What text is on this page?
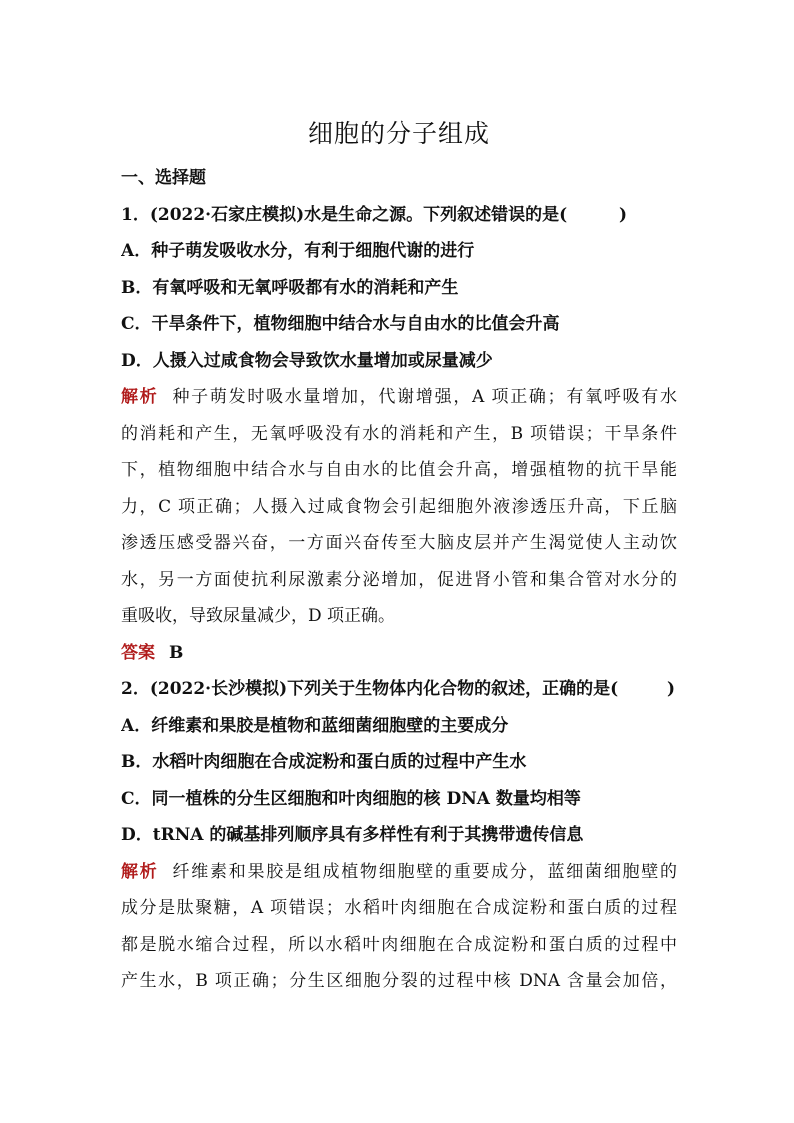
细胞的分子组成
一、选择题
1．(2022·石家庄模拟)水是生命之源。下列叙述错误的是(	)
A．种子萌发吸收水分，有利于细胞代谢的进行
B．有氧呼吸和无氧呼吸都有水的消耗和产生
C．干旱条件下，植物细胞中结合水与自由水的比值会升高
D．人摄入过咸食物会导致饮水量增加或尿量减少
解析 种子萌发时吸水量增加，代谢增强，A 项正确；有氧呼吸有水
的消耗和产生，无氧呼吸没有水的消耗和产生，B 项错误；干旱条件
下，植物细胞中结合水与自由水的比值会升高，增强植物的抗干旱能
力，C 项正确；人摄入过咸食物会引起细胞外液渗透压升高，下丘脑
渗透压感受器兴奋，一方面兴奋传至大脑皮层并产生渴觉使人主动饮
水，另一方面使抗利尿激素分泌增加，促进肾小管和集合管对水分的
重吸收，导致尿量减少，D 项正确。
答案 B
2．(2022·长沙模拟)下列关于生物体内化合物的叙述，正确的是(	)
A．纤维素和果胶是植物和蓝细菌细胞壁的主要成分
B．水稻叶肉细胞在合成淀粉和蛋白质的过程中产生水
C．同一植株的分生区细胞和叶肉细胞的核 DNA 数量均相等
D．tRNA 的碱基排列顺序具有多样性有利于其携带遗传信息
解析 纤维素和果胶是组成植物细胞壁的重要成分，蓝细菌细胞壁的
成分是肽聚糖，A 项错误；水稻叶肉细胞在合成淀粉和蛋白质的过程
都是脱水缩合过程，所以水稻叶肉细胞在合成淀粉和蛋白质的过程中
产生水，B 项正确；分生区细胞分裂的过程中核 DNA 含量会加倍，
